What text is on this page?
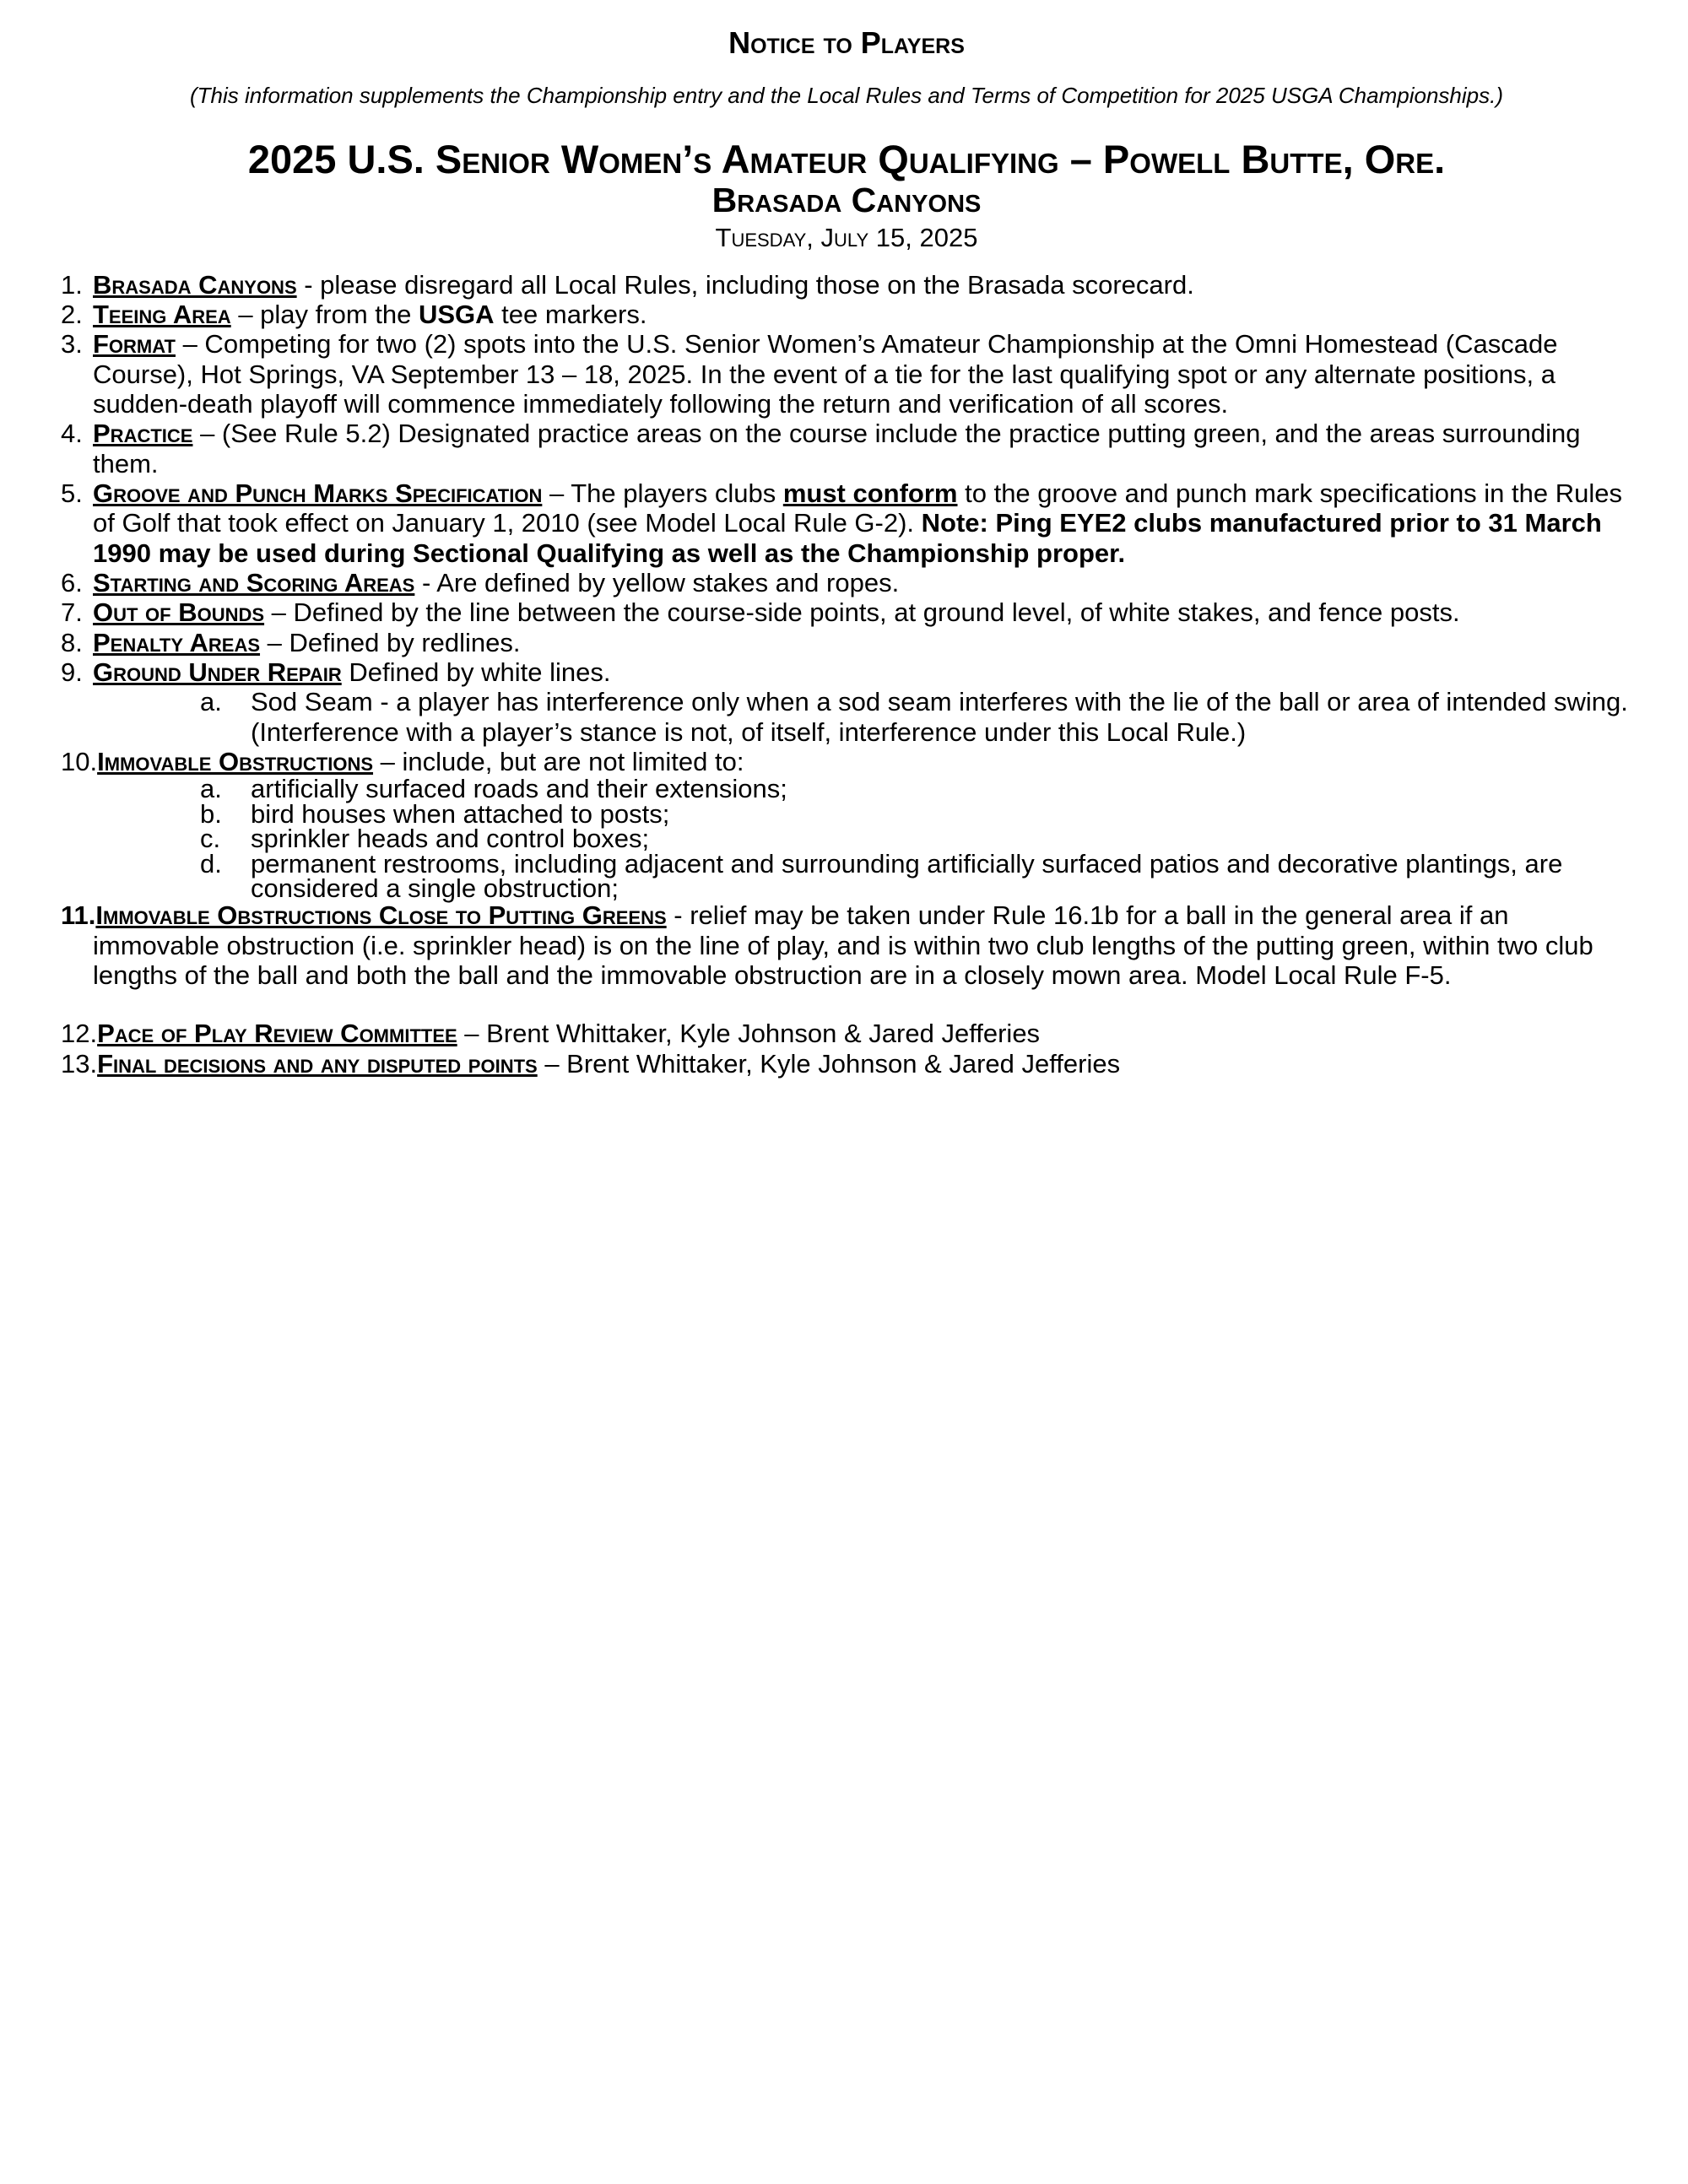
Notice to Players
(This information supplements the Championship entry and the Local Rules and Terms of Competition for 2025 USGA Championships.)
2025 U.S. Senior Women’s Amateur Qualifying – Powell Butte, Ore.
Brasada Canyons
Tuesday, July 15, 2025
1. Brasada Canyons - please disregard all Local Rules, including those on the Brasada scorecard.
2. Teeing Area – play from the USGA tee markers.
3. Format – Competing for two (2) spots into the U.S. Senior Women’s Amateur Championship at the Omni Homestead (Cascade Course), Hot Springs, VA September 13 – 18, 2025. In the event of a tie for the last qualifying spot or any alternate positions, a sudden-death playoff will commence immediately following the return and verification of all scores.
4. Practice – (See Rule 5.2) Designated practice areas on the course include the practice putting green, and the areas surrounding them.
5. Groove and Punch Marks Specification – The players clubs must conform to the groove and punch mark specifications in the Rules of Golf that took effect on January 1, 2010 (see Model Local Rule G-2). Note: Ping EYE2 clubs manufactured prior to 31 March 1990 may be used during Sectional Qualifying as well as the Championship proper.
6. Starting and Scoring Areas - Are defined by yellow stakes and ropes.
7. Out of Bounds – Defined by the line between the course-side points, at ground level, of white stakes, and fence posts.
8. Penalty Areas – Defined by redlines.
9. Ground Under Repair Defined by white lines.
a. Sod Seam - a player has interference only when a sod seam interferes with the lie of the ball or area of intended swing. (Interference with a player’s stance is not, of itself, interference under this Local Rule.)
10.Immovable Obstructions – include, but are not limited to:
a. artificially surfaced roads and their extensions;
b. bird houses when attached to posts;
c. sprinkler heads and control boxes;
d. permanent restrooms, including adjacent and surrounding artificially surfaced patios and decorative plantings, are considered a single obstruction;
11.Immovable Obstructions Close to Putting Greens - relief may be taken under Rule 16.1b for a ball in the general area if an immovable obstruction (i.e. sprinkler head) is on the line of play, and is within two club lengths of the putting green, within two club lengths of the ball and both the ball and the immovable obstruction are in a closely mown area. Model Local Rule F-5.
12.Pace of Play Review Committee – Brent Whittaker, Kyle Johnson & Jared Jefferies
13.Final decisions and any disputed points – Brent Whittaker, Kyle Johnson & Jared Jefferies
